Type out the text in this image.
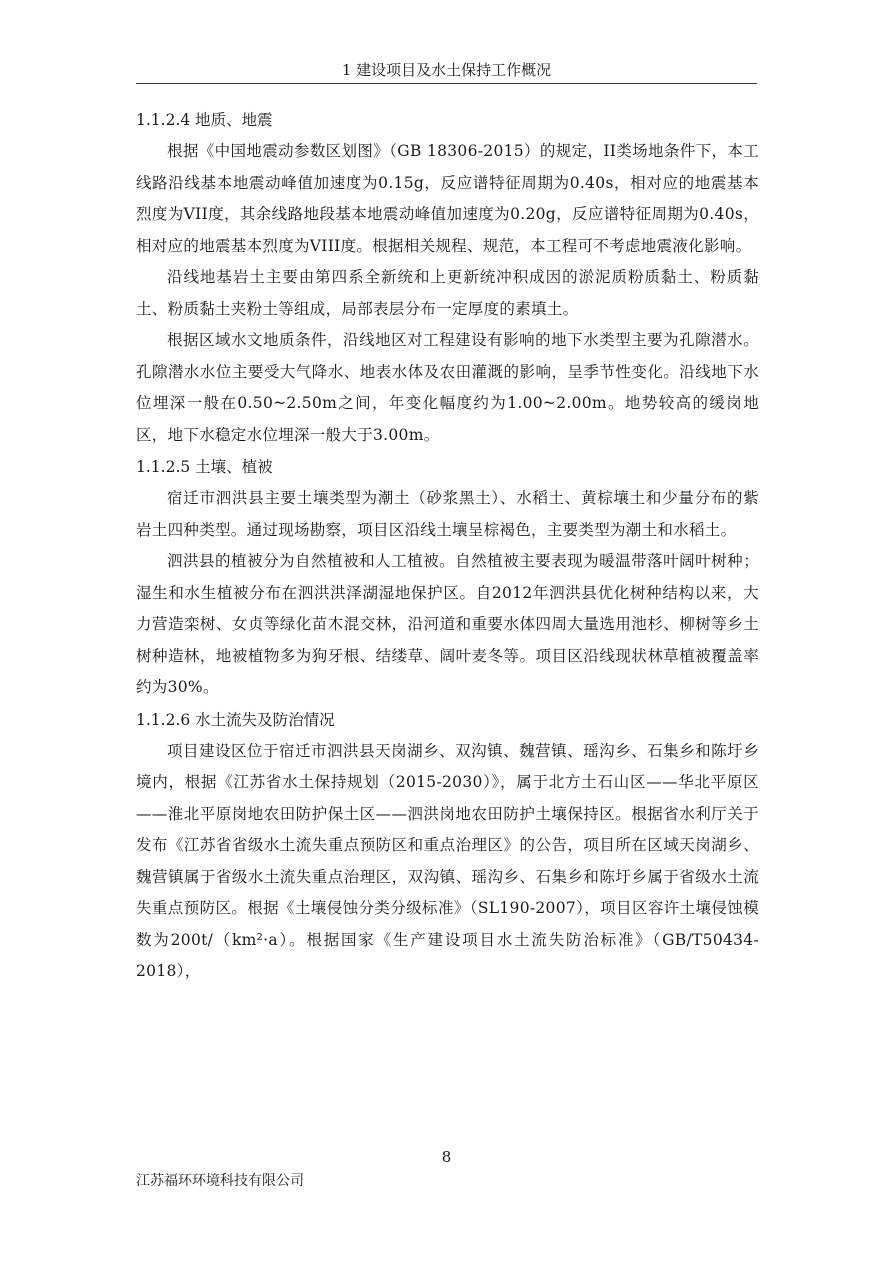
1 建设项目及水土保持工作概况

1.1.2.4 地质、地震

根据《中国地震动参数区划图》（GB 18306-2015）的规定，II类场地条件下，本工线路沿线基本地震动峰值加速度为0.15g，反应谱特征周期为0.40s，相对应的地震基本烈度为VII度，其余线路地段基本地震动峰值加速度为0.20g，反应谱特征周期为0.40s，相对应的地震基本烈度为VIII度。根据相关规程、规范，本工程可不考虑地震液化影响。

沿线地基岩土主要由第四系全新统和上更新统冲积成因的淤泥质粉质黏土、粉质黏土、粉质黏土夹粉土等组成，局部表层分布一定厚度的素填土。

根据区域水文地质条件，沿线地区对工程建设有影响的地下水类型主要为孔隙潜水。孔隙潜水水位主要受大气降水、地表水体及农田灌溉的影响，呈季节性变化。沿线地下水位埋深一般在0.50~2.50m之间，年变化幅度约为1.00~2.00m。地势较高的缓岗地区，地下水稳定水位埋深一般大于3.00m。

1.1.2.5 土壤、植被

宿迁市泗洪县主要土壤类型为潮土（砂浆黑土）、水稻土、黄棕壤土和少量分布的紫岩土四种类型。通过现场勘察，项目区沿线土壤呈棕褐色，主要类型为潮土和水稻土。

泗洪县的植被分为自然植被和人工植被。自然植被主要表现为暖温带落叶阔叶树种；湿生和水生植被分布在泗洪洪泽湖湿地保护区。自2012年泗洪县优化树种结构以来，大力营造栾树、女贞等绿化苗木混交林，沿河道和重要水体四周大量选用池杉、柳树等乡土树种造林，地被植物多为狗牙根、结缕草、阔叶麦冬等。项目区沿线现状林草植被覆盖率约为30%。

1.1.2.6 水土流失及防治情况

项目建设区位于宿迁市泗洪县天岗湖乡、双沟镇、魏营镇、瑶沟乡、石集乡和陈圩乡境内，根据《江苏省水土保持规划（2015-2030）》，属于北方土石山区——华北平原区——淮北平原岗地农田防护保土区——泗洪岗地农田防护土壤保持区。根据省水利厅关于发布《江苏省省级水土流失重点预防区和重点治理区》的公告，项目所在区域天岗湖乡、魏营镇属于省级水土流失重点治理区，双沟镇、瑶沟乡、石集乡和陈圩乡属于省级水土流失重点预防区。根据《土壤侵蚀分类分级标准》（SL190-2007），项目区容许土壤侵蚀模数为200t/（km²·a）。根据国家《生产建设项目水土流失防治标准》（GB/T50434-2018），

8
江苏福环环境科技有限公司
